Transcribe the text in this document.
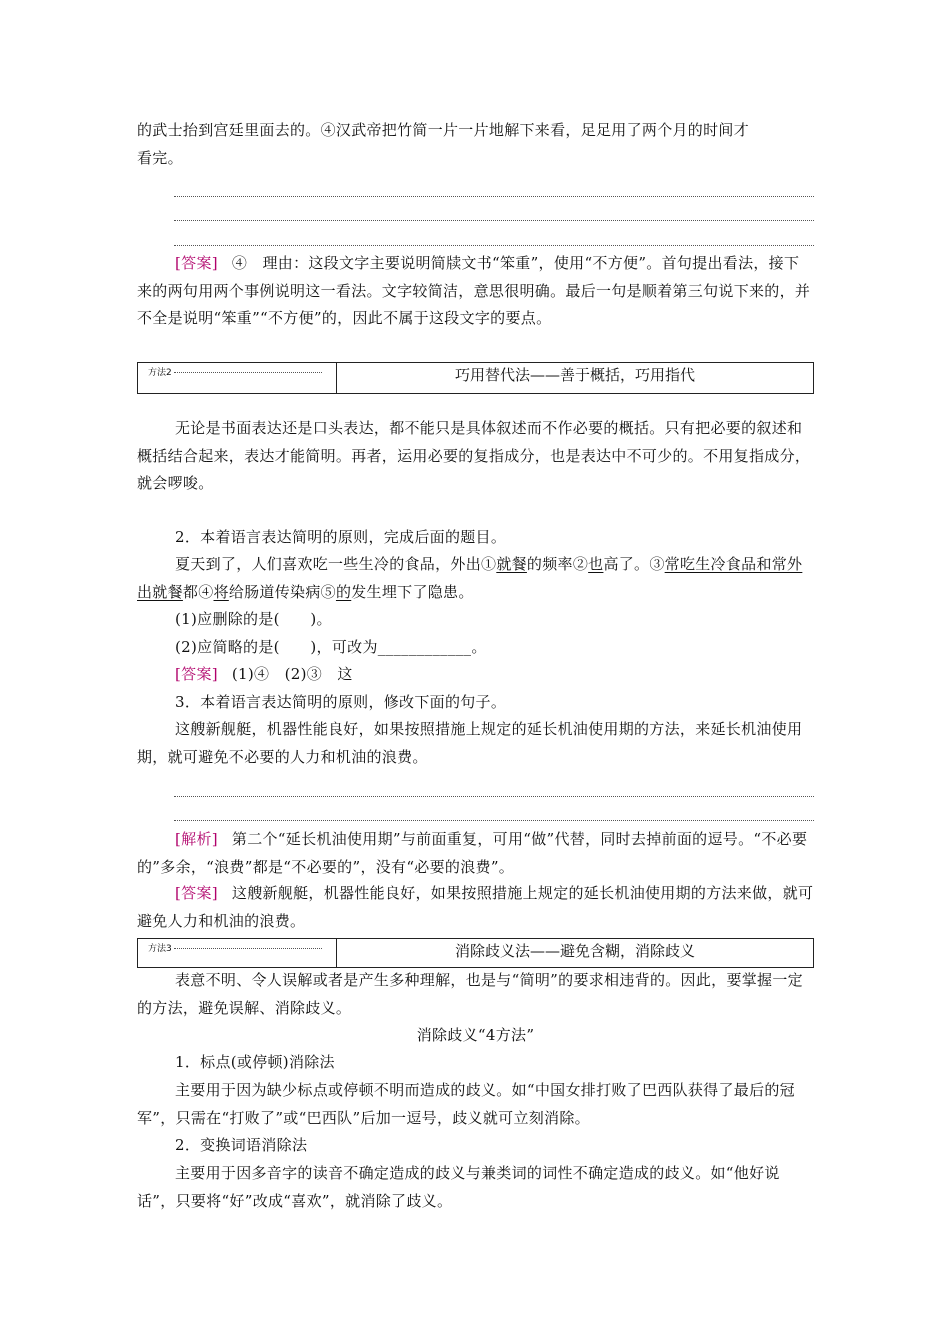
的武士抬到宫廷里面去的。④汉武帝把竹简一片一片地解下来看，足足用了两个月的时间才
看完。

[答案] ④　理由：这段文字主要说明简牍文书“笨重”，使用“不方便”。首句提出看法，接下来的两句用两个事例说明这一看法。文字较简洁，意思很明确。最后一句是顺着第三句说下来的，并不全是说明“笨重”“不方便”的，因此不属于这段文字的要点。

方法2	巧用替代法——善于概括，巧用指代

无论是书面表达还是口头表达，都不能只是具体叙述而不作必要的概括。只有把必要的叙述和概括结合起来，表达才能简明。再者，运用必要的复指成分，也是表达中不可少的。不用复指成分，就会啰唆。

2．本着语言表达简明的原则，完成后面的题目。

夏天到了，人们喜欢吃一些生冷的食品，外出①就餐的频率②也高了。③常吃生冷食品和常外出就餐都④将给肠道传染病⑤的发生埋下了隐患。

(1)应删除的是(　　)。

(2)应简略的是(　　)，可改为____________。

[答案] (1)④　(2)③　这

3．本着语言表达简明的原则，修改下面的句子。

这艘新舰艇，机器性能良好，如果按照措施上规定的延长机油使用期的方法，来延长机油使用期，就可避免不必要的人力和机油的浪费。

[解析] 第二个“延长机油使用期”与前面重复，可用“做”代替，同时去掉前面的逗号。“不必要的”多余，“浪费”都是“不必要的”，没有“必要的浪费”。

[答案] 这艘新舰艇，机器性能良好，如果按照措施上规定的延长机油使用期的方法来做，就可避免人力和机油的浪费。

方法3	消除歧义法——避免含糊，消除歧义

表意不明、令人误解或者是产生多种理解，也是与“简明”的要求相违背的。因此，要掌握一定的方法，避免误解、消除歧义。

消除歧义“4方法”

1．标点(或停顿)消除法

主要用于因为缺少标点或停顿不明而造成的歧义。如“中国女排打败了巴西队获得了最后的冠军”，只需在“打败了”或“巴西队”后加一逗号，歧义就可立刻消除。

2．变换词语消除法

主要用于因多音字的读音不确定造成的歧义与兼类词的词性不确定造成的歧义。如“他好说话”，只要将“好”改成“喜欢”，就消除了歧义。
